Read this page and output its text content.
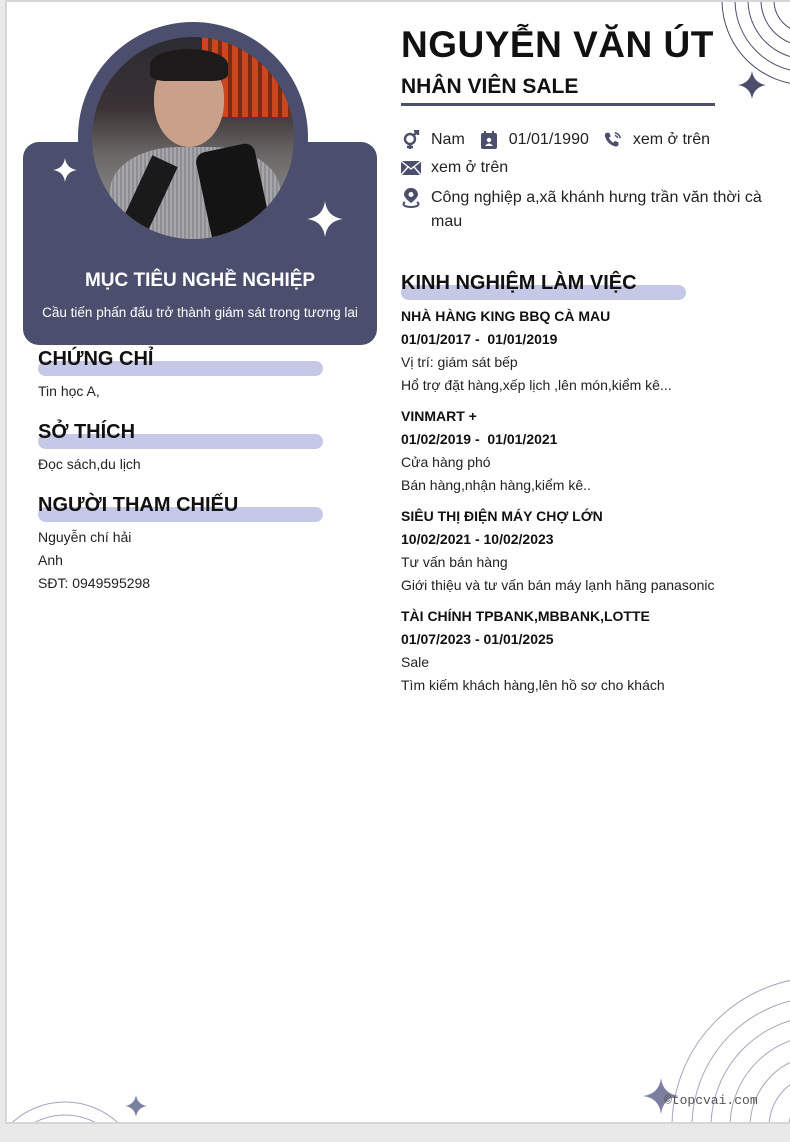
MỤC TIÊU NGHỀ NGHIỆP
Cầu tiến phấn đấu trở thành giám sát trong tương lai
CHỨNG CHỈ
Tin học A,
SỞ THÍCH
Đọc sách,du lịch
NGƯỜI THAM CHIẾU
Nguyễn chí hải
Anh
SĐT: 0949595298
NGUYỄN VĂN ÚT
NHÂN VIÊN SALE
Nam	01/01/1990	xem ở trên
xem ở trên
Công nghiệp a,xã khánh hưng trần văn thời cà mau
KINH NGHIỆM LÀM VIỆC
NHÀ HÀNG KING BBQ CÀ MAU
01/01/2017 -  01/01/2019
Vị trí: giám sát bếp
Hổ trợ đặt hàng,xếp lịch ,lên món,kiểm kê...
VINMART +
01/02/2019 -  01/01/2021
Cửa hàng phó
Bán hàng,nhận hàng,kiểm kê..
SIÊU THỊ ĐIỆN MÁY CHỢ LỚN
10/02/2021 - 10/02/2023
Tư vấn bán hàng
Giới thiệu và tư vấn bán máy lạnh hãng panasonic
TÀI CHÍNH TPBANK,MBBANK,LOTTE
01/07/2023 - 01/01/2025
Sale
Tìm kiếm khách hàng,lên hồ sơ cho khách
©topcvai.com
